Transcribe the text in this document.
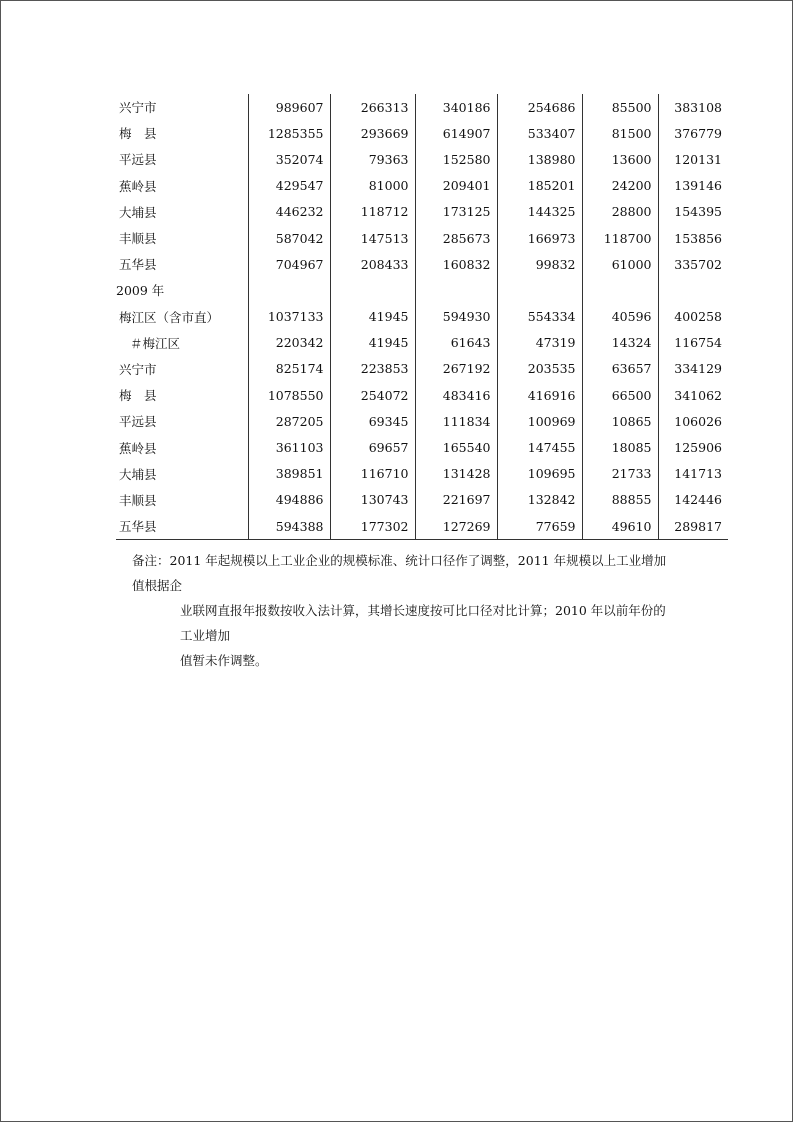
兴宁市	989607	266313	340186	254686	85500	383108
梅　县	1285355	293669	614907	533407	81500	376779
平远县	352074	79363	152580	138980	13600	120131
蕉岭县	429547	81000	209401	185201	24200	139146
大埔县	446232	118712	173125	144325	28800	154395
丰顺县	587042	147513	285673	166973	118700	153856
五华县	704967	208433	160832	99832	61000	335702
2009 年						
梅江区（含市直）	1037133	41945	594930	554334	40596	400258
＃梅江区	220342	41945	61643	47319	14324	116754
兴宁市	825174	223853	267192	203535	63657	334129
梅　县	1078550	254072	483416	416916	66500	341062
平远县	287205	69345	111834	100969	10865	106026
蕉岭县	361103	69657	165540	147455	18085	125906
大埔县	389851	116710	131428	109695	21733	141713
丰顺县	494886	130743	221697	132842	88855	142446
五华县	594388	177302	127269	77659	49610	289817
备注：2011 年起规模以上工业企业的规模标准、统计口径作了调整，2011 年规模以上工业增加值根据企
业联网直报年报数按收入法计算，其增长速度按可比口径对比计算；2010 年以前年份的工业增加
值暂未作调整。
